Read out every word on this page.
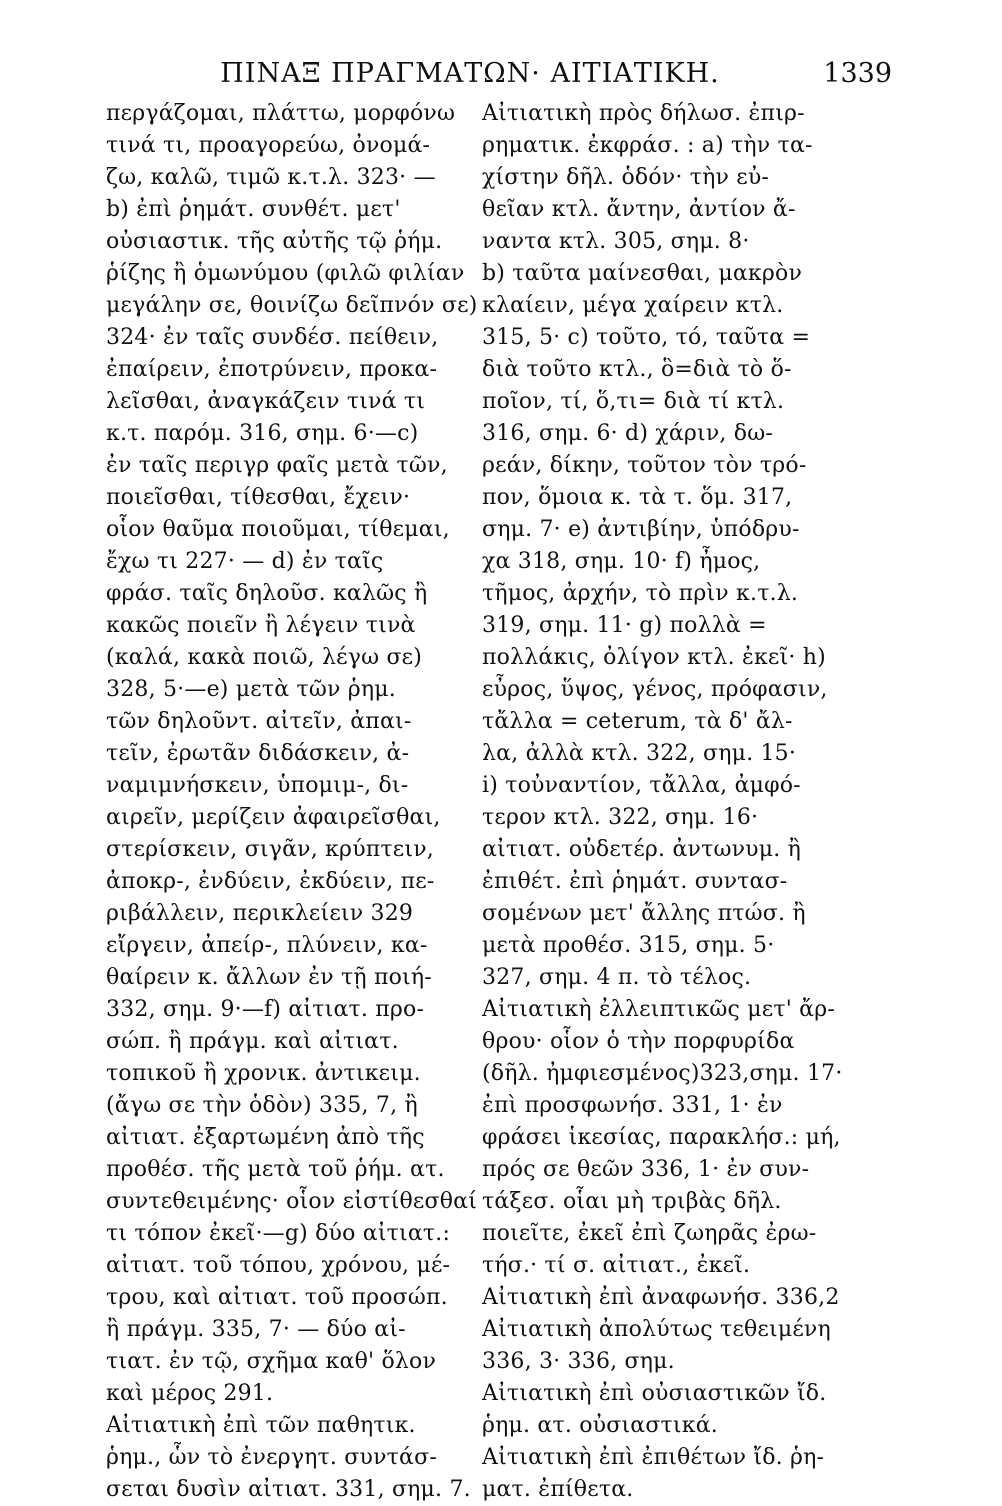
ΠΙΝΑΞ ΠΡΑΓΜΑΤΩΝ· ΑΙΤΙΑΤΙΚΗ.	1339
περγάζομαι, πλάττω, μορφόνω
τινά τι, προαγορεύω, ὀνομά-
ζω, καλῶ, τιμῶ κ.τ.λ. 323· —
b) ἐπὶ ῥημάτ. συνθέτ. μετ'
οὐσιαστικ. τῆς αὐτῆς τῷ ῥήμ.
ῥίζης ἢ ὁμωνύμου (φιλῶ φιλίαν
μεγάλην σε, θοινίζω δεῖπνόν σε)
324· ἐν ταῖς συνδέσ. πείθειν,
ἐπαίρειν, ἐποτρύνειν, προκα-
λεῖσθαι, ἀναγκάζειν τινά τι
κ.τ. παρόμ. 316, σημ. 6·—c)
ἐν ταῖς περιγρ φαῖς μετὰ τῶν,
ποιεῖσθαι, τίθεσθαι, ἔχειν·
οἷον θαῦμα ποιοῦμαι, τίθεμαι,
ἔχω τι 227· — d) ἐν ταῖς
φράσ. ταῖς δηλοῦσ. καλῶς ἢ
κακῶς ποιεῖν ἢ λέγειν τινὰ
(καλά, κακὰ ποιῶ, λέγω σε)
328, 5·—e) μετὰ τῶν ῥημ.
τῶν δηλοῦντ. αἰτεῖν, ἀπαι-
τεῖν, ἐρωτᾶν διδάσκειν, ἀ-
ναμιμνήσκειν, ὑπομιμ-, δι-
αιρεῖν, μερίζειν ἀφαιρεῖσθαι,
στερίσκειν, σιγᾶν, κρύπτειν,
ἀποκρ-, ἐνδύειν, ἐκδύειν, πε-
ριβάλλειν, περικλείειν 329
εἴργειν, ἀπείρ-, πλύνειν, κα-
θαίρειν κ. ἄλλων ἐν τῇ ποιή-
332, σημ. 9·—f) αἰτιατ. προ-
σώπ. ἢ πράγμ. καὶ αἰτιατ.
τοπικοῦ ἢ χρονικ. ἀντικειμ.
(ἄγω σε τὴν ὁδὸν) 335, 7, ἢ
αἰτιατ. ἐξαρτωμένη ἀπὸ τῆς
προθέσ. τῆς μετὰ τοῦ ῥήμ. ατ.
συντεθειμένης· οἷον εἰστίθεσθαί
τι τόπον ἐκεῖ·—g) δύο αἰτιατ.:
αἰτιατ. τοῦ τόπου, χρόνου, μέ-
τρου, καὶ αἰτιατ. τοῦ προσώπ.
ἢ πράγμ. 335, 7· — δύο αἰ-
τιατ. ἐν τῷ, σχῆμα καθ' ὅλον
καὶ μέρος 291.
Αἰτιατικὴ ἐπὶ τῶν παθητικ.
ῥημ., ὧν τὸ ἐνεργητ. συντάσ-
σεται δυσὶν αἰτιατ. 331, σημ. 7.
Αἰτιατικὴ πρὸς δήλωσ. ἐπιρ-
ρηματικ. ἐκφράσ. : a) τὴν τα-
χίστην δῆλ. ὁδόν· τὴν εὐ-
θεῖαν κτλ. ἄντην, ἀντίον ἄ-
ναντα κτλ. 305, σημ. 8·
b) ταῦτα μαίνεσθαι, μακρὸν
κλαίειν, μέγα χαίρειν κτλ.
315, 5· c) τοῦτο, τό, ταῦτα =
διὰ τοῦτο κτλ., ὃ=διὰ τὸ ὅ-
ποῖον, τί, ὅ,τι= διὰ τί κτλ.
316, σημ. 6· d) χάριν, δω-
ρεάν, δίκην, τοῦτον τὸν τρό-
πον, ὅμοια κ. τὰ τ. ὅμ. 317,
σημ. 7· e) ἀντιβίην, ὑπόδρυ-
χα 318, σημ. 10· f) ἦμος,
τῆμος, ἀρχήν, τὸ πρὶν κ.τ.λ.
319, σημ. 11· g) πολλὰ =
πολλάκις, ὀλίγον κτλ. ἐκεῖ· h)
εὖρος, ὕψος, γένος, πρόφασιν,
τἄλλα = ceterum, τὰ δ' ἄλ-
λα, ἀλλὰ κτλ. 322, σημ. 15·
i) τοὐναντίον, τἄλλα, ἀμφό-
τερον κτλ. 322, σημ. 16·
αἰτιατ. οὐδετέρ. ἀντωνυμ. ἢ
ἐπιθέτ. ἐπὶ ῥημάτ. συντασ-
σομένων μετ' ἄλλης πτώσ. ἢ
μετὰ προθέσ. 315, σημ. 5·
327, σημ. 4 π. τὸ τέλος.
Αἰτιατικὴ ἐλλειπτικῶς μετ' ἄρ-
θρου· οἷον ὁ τὴν πορφυρίδα
(δῆλ. ἠμφιεσμένος)323,σημ. 17·
ἐπὶ προσφωνήσ. 331, 1· ἐν
φράσει ἱκεσίας, παρακλήσ.: μή,
πρός σε θεῶν 336, 1· ἐν συν-
τάξεσ. οἷαι μὴ τριβὰς δῆλ.
ποιεῖτε, ἐκεῖ ἐπὶ ζωηρᾶς ἐρω-
τήσ.· τί σ. αἰτιατ., ἐκεῖ.
Αἰτιατικὴ ἐπὶ ἀναφωνήσ. 336,2
Αἰτιατικὴ ἀπολύτως τεθειμένη
336, 3· 336, σημ.
Αἰτιατικὴ ἐπὶ οὐσιαστικῶν ἴδ.
ῥημ. ατ. οὐσιαστικά.
Αἰτιατικὴ ἐπὶ ἐπιθέτων ἴδ. ῥη-
ματ. ἐπίθετα.
